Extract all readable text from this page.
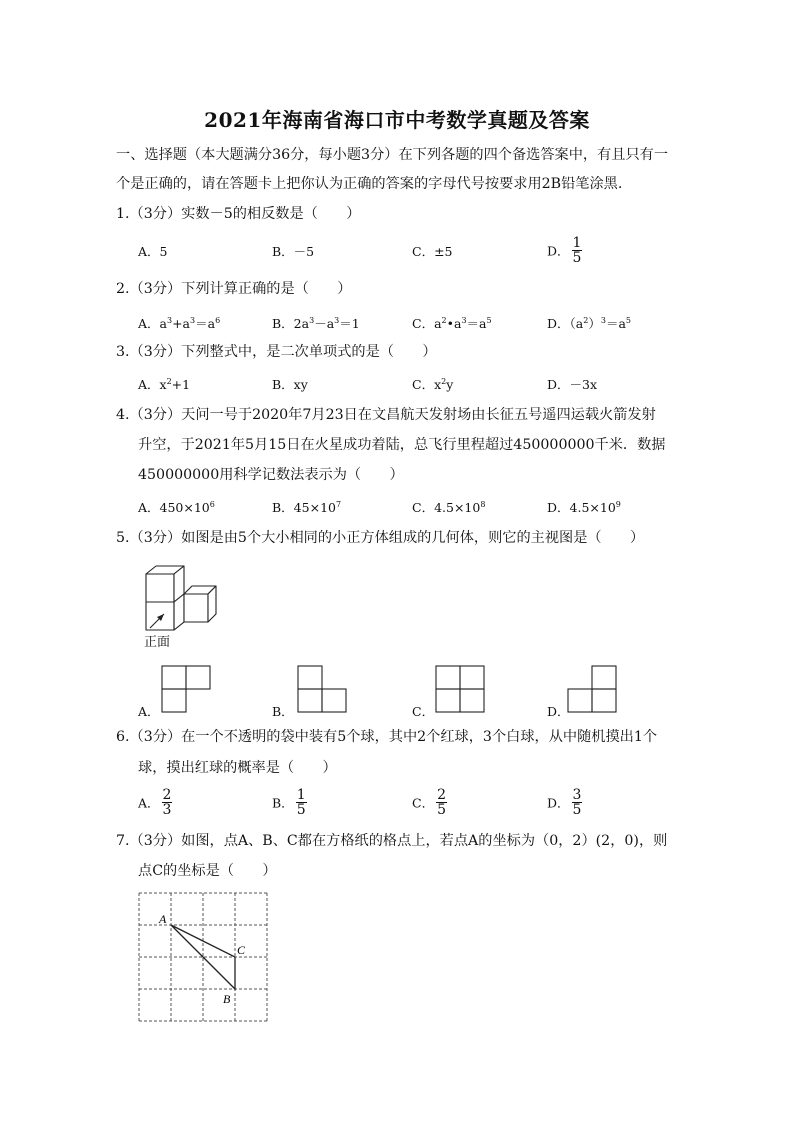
2021年海南省海口市中考数学真题及答案
一、选择题（本大题满分36分，每小题3分）在下列各题的四个备选答案中，有且只有一
个是正确的，请在答题卡上把你认为正确的答案的字母代号按要求用2B铅笔涂黑.
1.（3分）实数－5的相反数是（　　）
A．5	B．－5	C．±5	D． $\frac{1}{5}$
2.（3分）下列计算正确的是（　　）
A．$a^3+a^3=a^6$	B．$2a^3-a^3=1$	C．$a^2•a^3=a^5$	D．$(a^2)^3=a^5$
3.（3分）下列整式中，是二次单项式的是（　　）
A．$x^2+1$	B．xy	C．$x^2y$	D．－3x
4.（3分）天问一号于2020年7月23日在文昌航天发射场由长征五号遥四运载火箭发射
升空，于2021年5月15日在火星成功着陆，总飞行里程超过450000000千米．数据
450000000用科学记数法表示为（　　）
A．$450\times 10^6$	B．$45\times 10^7$	C．$4.5\times 10^8$	D．$4.5\times 10^9$
5.（3分）如图是由5个大小相同的小正方体组成的几何体，则它的主视图是（　　）
正面
A．	B．	C．	D．
6.（3分）在一个不透明的袋中装有5个球，其中2个红球，3个白球，从中随机摸出1个
球，摸出红球的概率是（　　）
A． $\frac{2}{3}$	B． $\frac{1}{5}$	C． $\frac{2}{5}$	D． $\frac{3}{5}$
7.（3分）如图，点A、B、C都在方格纸的格点上，若点A的坐标为（0，2）(2，0)，则
点C的坐标是（　　）
A
C
B
